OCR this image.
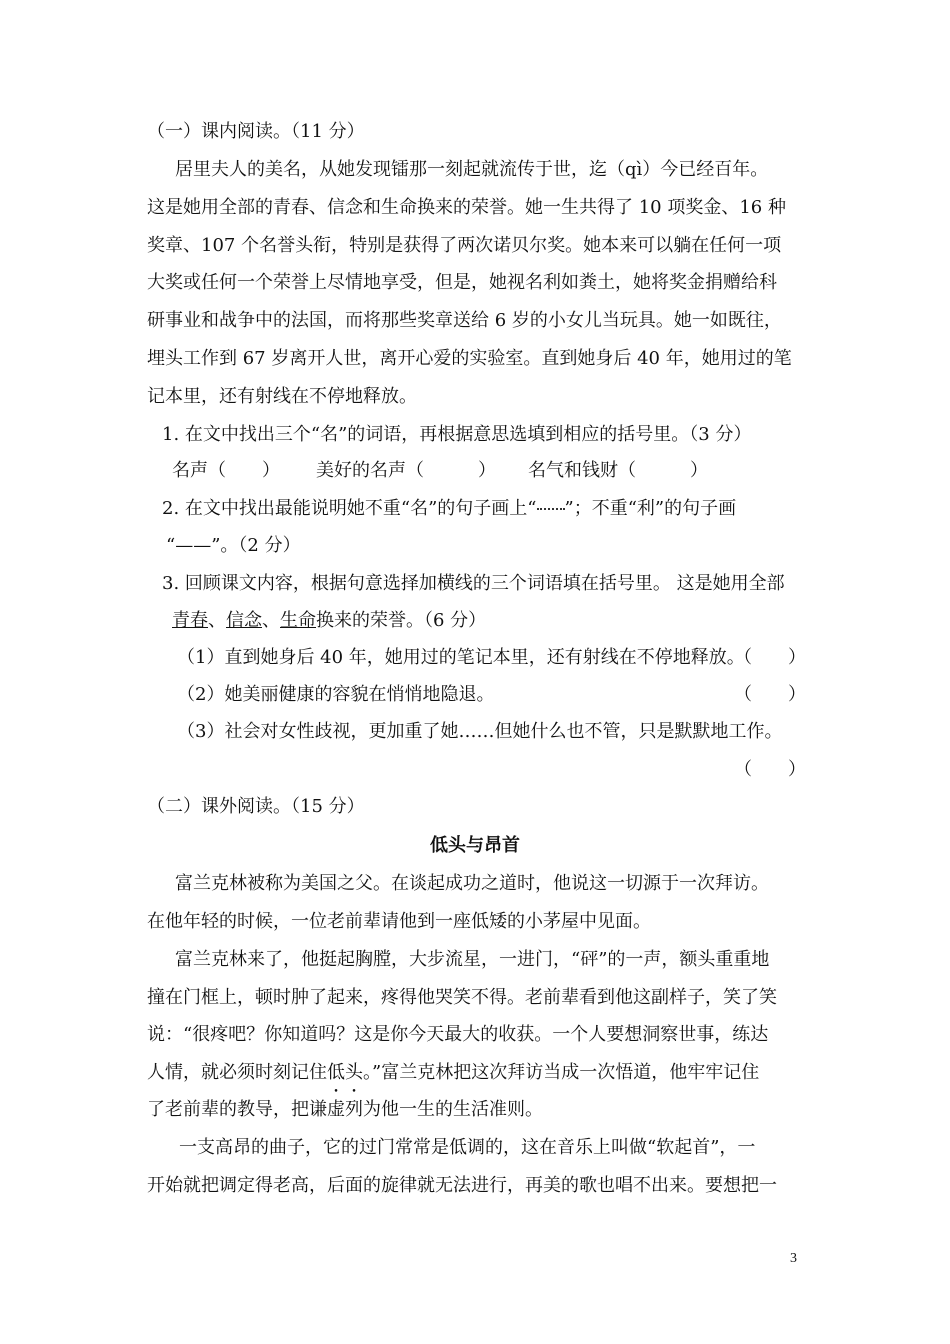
（一）课内阅读。（11 分）
居里夫人的美名，从她发现镭那一刻起就流传于世，迄（qì）今已经百年。
这是她用全部的青春、信念和生命换来的荣誉。她一生共得了 10 项奖金、16 种
奖章、107 个名誉头衔，特别是获得了两次诺贝尔奖。她本来可以躺在任何一项
大奖或任何一个荣誉上尽情地享受，但是，她视名利如粪土，她将奖金捐赠给科
研事业和战争中的法国，而将那些奖章送给 6 岁的小女儿当玩具。她一如既往，
埋头工作到 67 岁离开人世，离开心爱的实验室。直到她身后 40 年，她用过的笔
记本里，还有射线在不停地释放。
1. 在文中找出三个“名”的词语，再根据意思选填到相应的括号里。（3 分）
名声（　　） 美好的名声（　　　） 名气和钱财（　　　）
2. 在文中找出最能说明她不重“名”的句子画上“ ”；不重“利”的句子画
“——”。（2 分）
3. 回顾课文内容，根据句意选择加横线的三个词语填在括号里。 这是她用全部
青春、信念、生命换来的荣誉。（6 分）
（1）直到她身后 40 年，她用过的笔记本里，还有射线在不停地释放。
（　　）
（2）她美丽健康的容貌在悄悄地隐退。	（　　）
（3）社会对女性歧视，更加重了她……但她什么也不管，只是默默地工作。
（　　）
（二）课外阅读。（15 分）
低头与昂首
富兰克林被称为美国之父。在谈起成功之道时，他说这一切源于一次拜访。
在他年轻的时候，一位老前辈请他到一座低矮的小茅屋中见面。
富兰克林来了，他挺起胸膛，大步流星，一进门，“砰”的一声，额头重重地
撞在门框上，顿时肿了起来，疼得他哭笑不得。老前辈看到他这副样子，笑了笑
说：“很疼吧？你知道吗？这是你今天最大的收获。一个人要想洞察世事，练达
人情，就必须时刻记住低头。”富兰克林把这次拜访当成一次悟道，他牢牢记住
了老前辈的教导，把谦虚列为他一生的生活准则。
一支高昂的曲子，它的过门常常是低调的，这在音乐上叫做“软起首”，一
开始就把调定得老高，后面的旋律就无法进行，再美的歌也唱不出来。要想把一
3
